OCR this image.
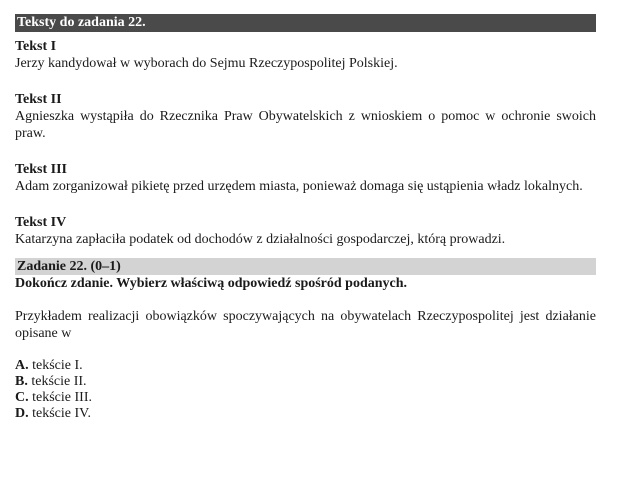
Teksty do zadania 22.
Tekst I
Jerzy kandydował w wyborach do Sejmu Rzeczypospolitej Polskiej.
Tekst II
Agnieszka wystąpiła do Rzecznika Praw Obywatelskich z wnioskiem o pomoc w ochronie swoich praw.
Tekst III
Adam zorganizował pikietę przed urzędem miasta, ponieważ domaga się ustąpienia władz lokalnych.
Tekst IV
Katarzyna zapłaciła podatek od dochodów z działalności gospodarczej, którą prowadzi.
Zadanie 22. (0–1)
Dokończ zdanie. Wybierz właściwą odpowiedź spośród podanych.
Przykładem realizacji obowiązków spoczywających na obywatelach Rzeczypospolitej jest działanie opisane w
A. tekście I.
B. tekście II.
C. tekście III.
D. tekście IV.
